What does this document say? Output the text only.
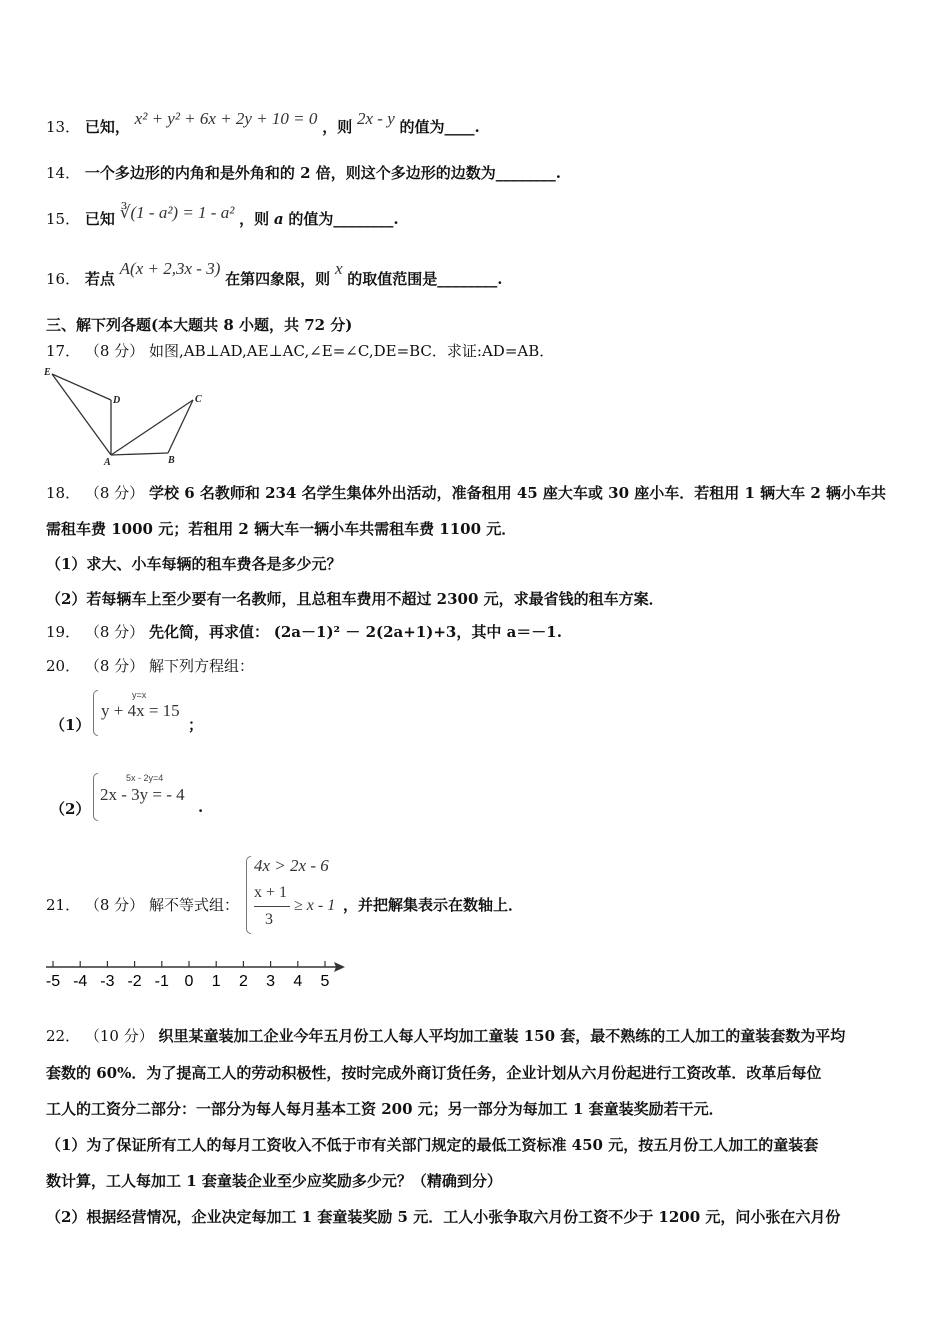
13． 已知， x² + y² + 6x + 2y + 10 = 0 ，则 2x - y 的值为____.
14． 一个多边形的内角和是外角和的 2 倍，则这个多边形的边数为________.
15． 已知 ∛(1 - a²) = 1 - a² ，则 a 的值为________.
16． 若点 A(x + 2,3x - 3) 在第四象限，则 x 的取值范围是________.
三、解下列各题(本大题共 8 小题，共 72 分)
17． （8 分） 如图,AB⊥AD,AE⊥AC,∠E=∠C,DE=BC．求证:AD=AB．
E
D	C
A	B
18． （8 分） 学校 6 名教师和 234 名学生集体外出活动，准备租用 45 座大车或 30 座小车．若租用 1 辆大车 2 辆小车共
需租车费 1000 元；若租用 2 辆大车一辆小车共需租车费 1100 元．
（1）求大、小车每辆的租车费各是多少元？
（2）若每辆车上至少要有一名教师，且总租车费用不超过 2300 元，求最省钱的租车方案．
19． （8 分） 先化简，再求值： (2a－1)² － 2(2a+1)+3，其中 a＝－1.
20． （8 分） 解下列方程组：
（1）
y=x
y + 4x = 15
；
（2）
5x - 2y=4
2x - 3y = - 4
.
21． （8 分） 解不等式组：
4x > 2x - 6
x + 1
3
≥ x - 1 ，并把解集表示在数轴上．
-5 -4 -3 -2 -1 0 1 2 3 4 5
22． （10 分） 织里某童装加工企业今年五月份工人每人平均加工童装 150 套，最不熟练的工人加工的童装套数为平均
套数的 60%．为了提高工人的劳动积极性，按时完成外商订货任务，企业计划从六月份起进行工资改革．改革后每位
工人的工资分二部分：一部分为每人每月基本工资 200 元；另一部分为每加工 1 套童装奖励若干元．
（1）为了保证所有工人的每月工资收入不低于市有关部门规定的最低工资标准 450 元，按五月份工人加工的童装套
数计算，工人每加工 1 套童装企业至少应奖励多少元？（精确到分）
（2）根据经营情况，企业决定每加工 1 套童装奖励 5 元．工人小张争取六月份工资不少于 1200 元，问小张在六月份
